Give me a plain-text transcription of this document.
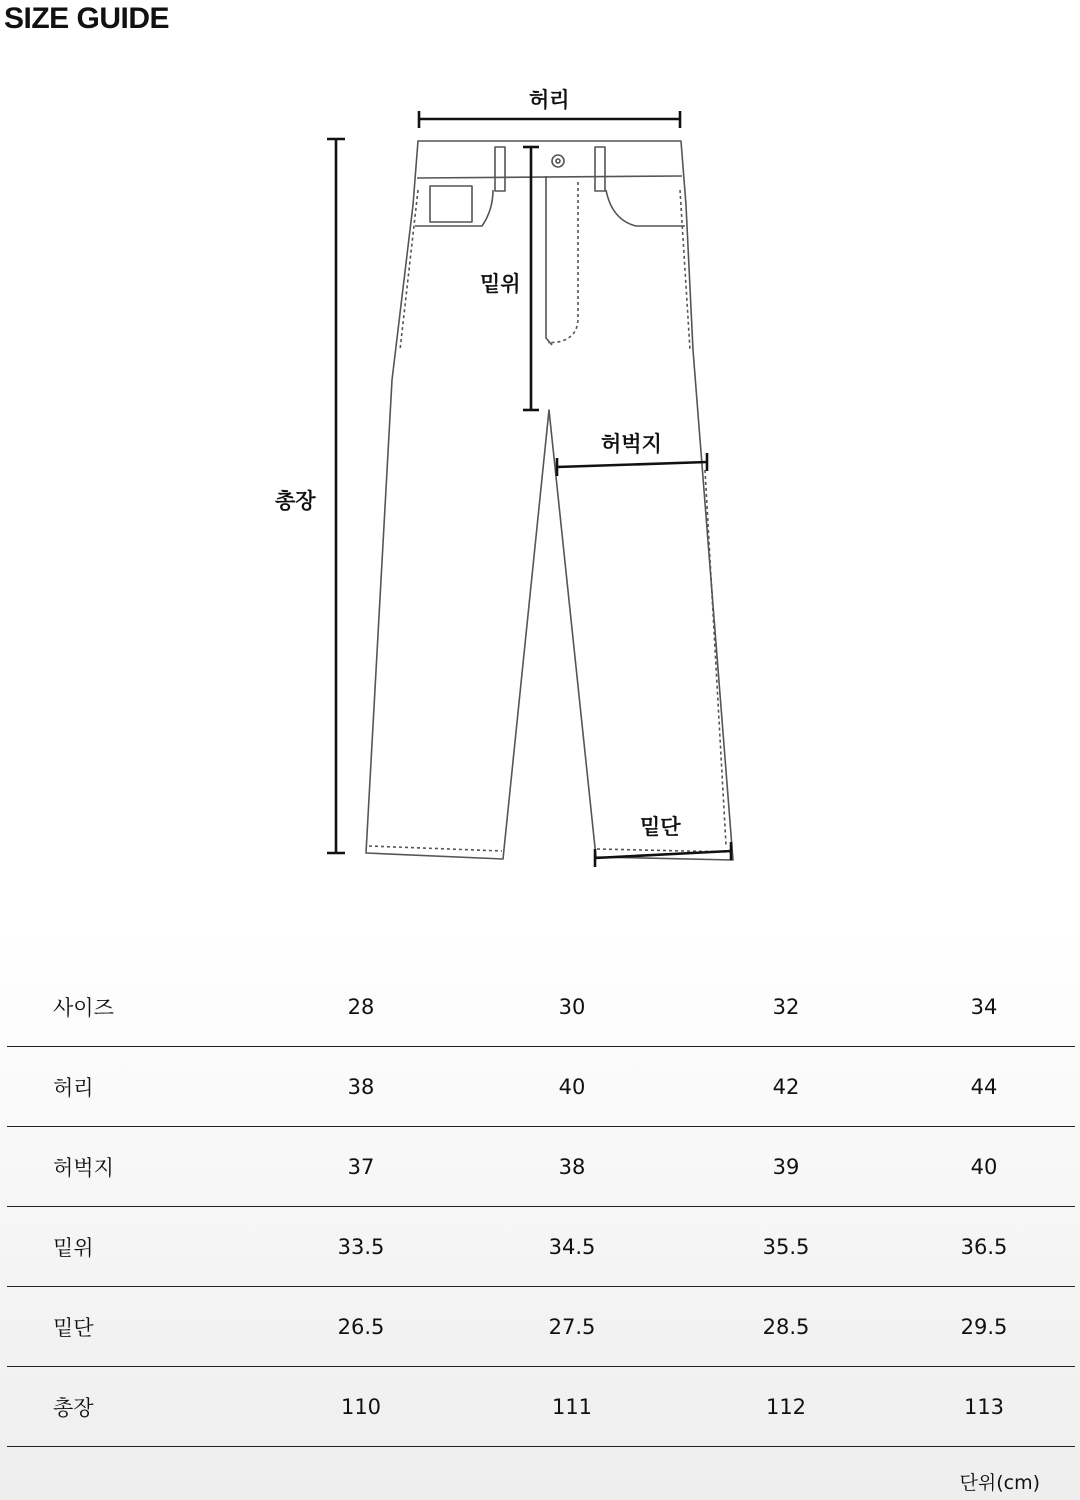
SIZE GUIDE
허리
밑위
허벅지
총장
밑단
사이즈	28	30	32	34
허리	38	40	42	44
허벅지	37	38	39	40
밑위	33.5	34.5	35.5	36.5
밑단	26.5	27.5	28.5	29.5
총장	110	111	112	113
단위(cm)
